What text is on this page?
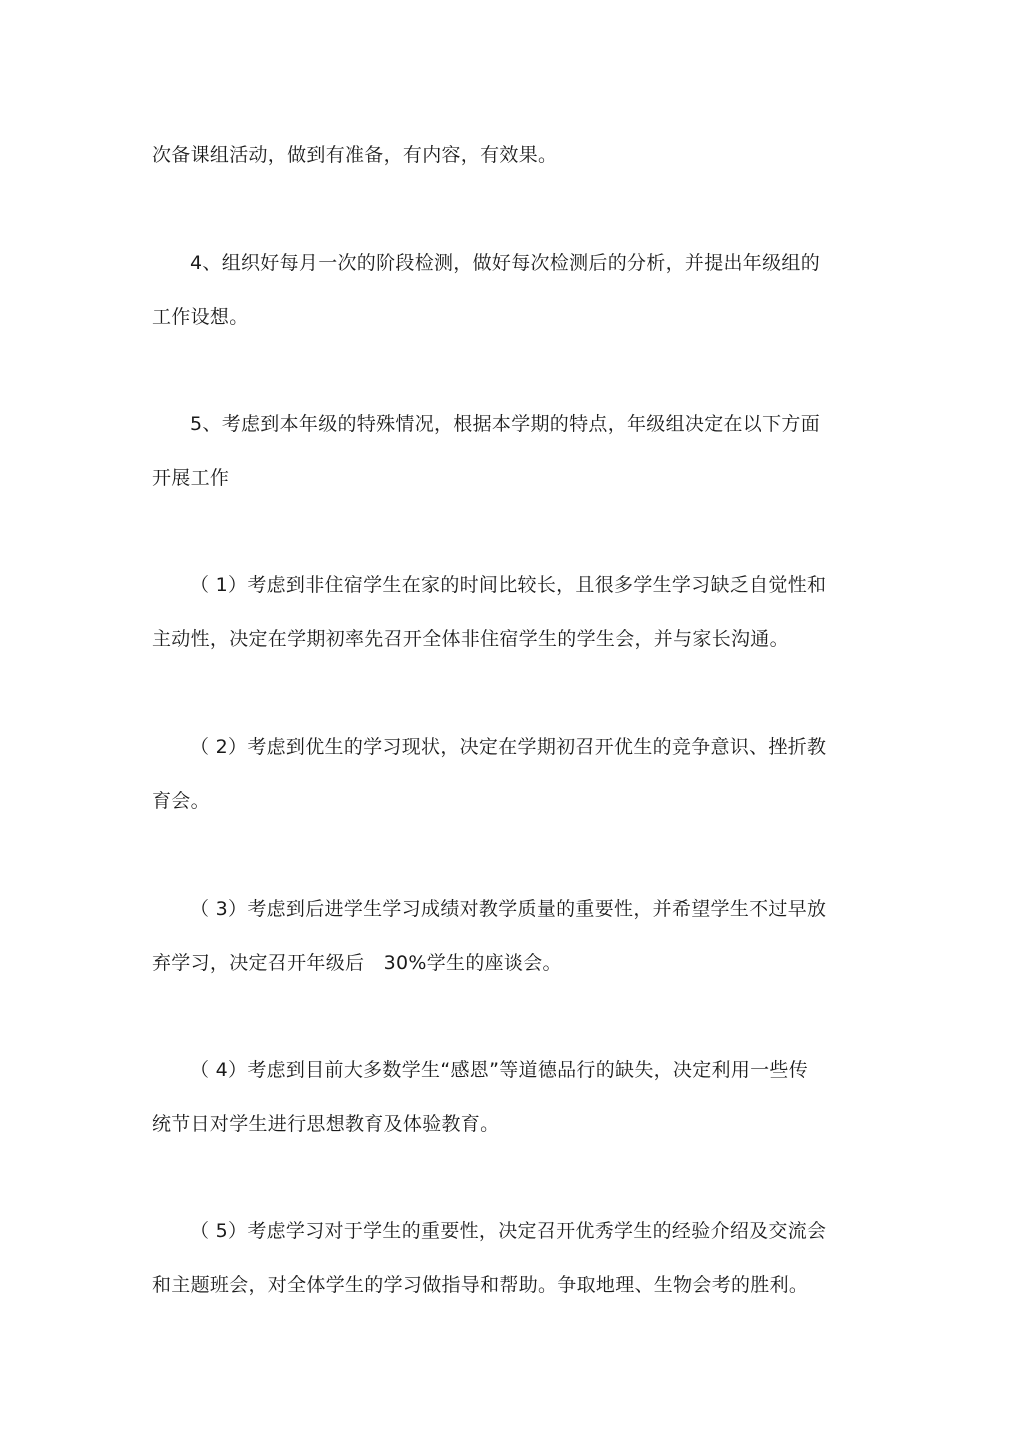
次备课组活动，做到有准备，有内容，有效果。
4、组织好每月一次的阶段检测，做好每次检测后的分析，并提出年级组的
工作设想。
5、考虑到本年级的特殊情况，根据本学期的特点，年级组决定在以下方面
开展工作
（ 1）考虑到非住宿学生在家的时间比较长，且很多学生学习缺乏自觉性和
主动性，决定在学期初率先召开全体非住宿学生的学生会，并与家长沟通。
（ 2）考虑到优生的学习现状，决定在学期初召开优生的竞争意识、挫折教
育会。
（ 3）考虑到后进学生学习成绩对教学质量的重要性，并希望学生不过早放
弃学习，决定召开年级后　30%学生的座谈会。
（ 4）考虑到目前大多数学生“感恩”等道德品行的缺失，决定利用一些传
统节日对学生进行思想教育及体验教育。
（ 5）考虑学习对于学生的重要性，决定召开优秀学生的经验介绍及交流会
和主题班会，对全体学生的学习做指导和帮助。争取地理、生物会考的胜利。
